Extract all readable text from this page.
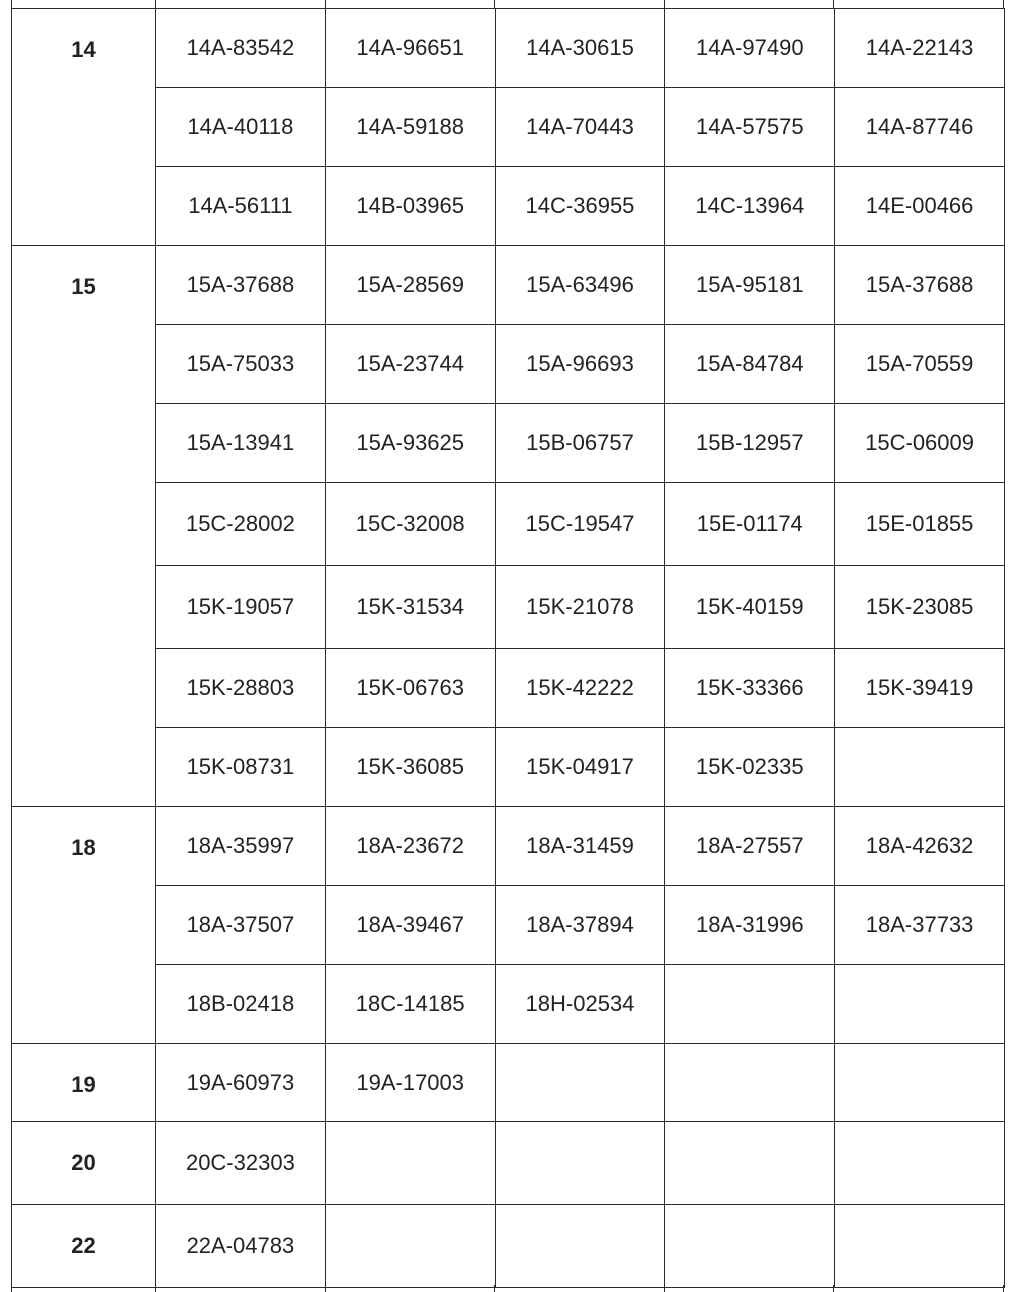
14	14A-83542	14A-96651	14A-30615	14A-97490	14A-22143
	14A-40118	14A-59188	14A-70443	14A-57575	14A-87746
	14A-56111	14B-03965	14C-36955	14C-13964	14E-00466
15	15A-37688	15A-28569	15A-63496	15A-95181	15A-37688
	15A-75033	15A-23744	15A-96693	15A-84784	15A-70559
	15A-13941	15A-93625	15B-06757	15B-12957	15C-06009
	15C-28002	15C-32008	15C-19547	15E-01174	15E-01855
	15K-19057	15K-31534	15K-21078	15K-40159	15K-23085
	15K-28803	15K-06763	15K-42222	15K-33366	15K-39419
	15K-08731	15K-36085	15K-04917	15K-02335	
18	18A-35997	18A-23672	18A-31459	18A-27557	18A-42632
	18A-37507	18A-39467	18A-37894	18A-31996	18A-37733
	18B-02418	18C-14185	18H-02534		
19	19A-60973	19A-17003			
20	20C-32303				
22	22A-04783				
